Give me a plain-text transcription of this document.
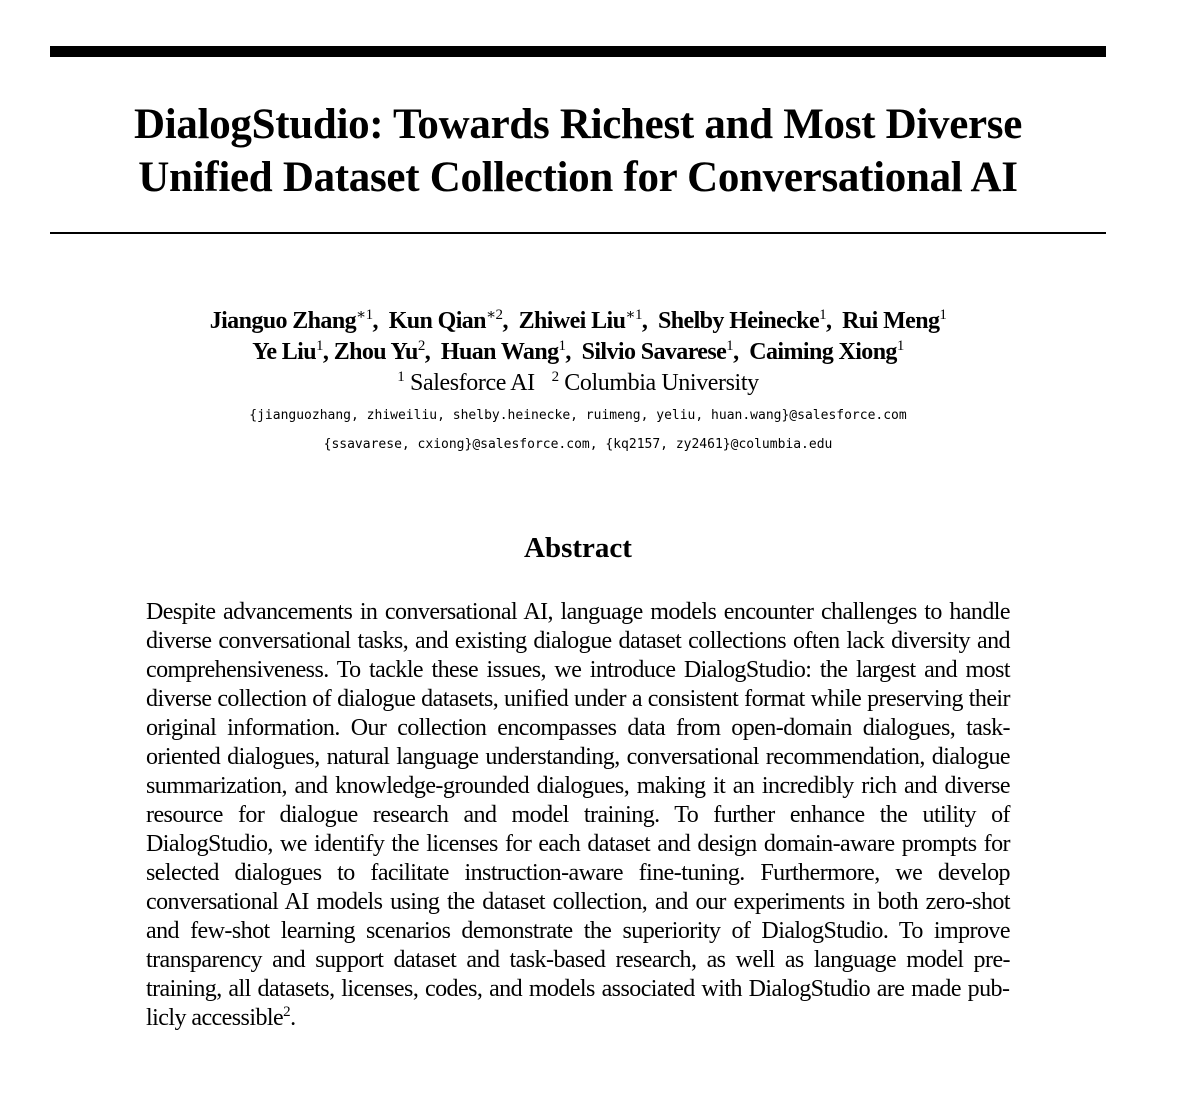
DialogStudio: Towards Richest and Most Diverse
Unified Dataset Collection for Conversational AI
Jianguo Zhang$^{∗1}$,  Kun Qian$^{∗2}$,  Zhiwei Liu$^{∗1}$,  Shelby Heinecke$^1$,  Rui Meng$^1$
Ye Liu$^1$, Zhou Yu$^2$,  Huan Wang$^1$,  Silvio Savarese$^1$,  Caiming Xiong$^1$
$^1$ Salesforce AI $^2$ Columbia University
{jianguozhang, zhiweiliu, shelby.heinecke, ruimeng, yeliu, huan.wang}@salesforce.com
{ssavarese, cxiong}@salesforce.com, {kq2157, zy2461}@columbia.edu
Abstract
Despite advancements in conversational AI, language models encounter challenges to handle diverse conversational tasks, and existing dialogue dataset collections often lack diversity and comprehensiveness. To tackle these issues, we introduce DialogStudio: the largest and most diverse collection of dialogue datasets, unified under a consistent format while preserving their original information. Our collection encompasses data from open-domain dialogues, task-oriented dialogues, natural language understanding, conversational recommendation, dialogue summarization, and knowledge-grounded dialogues, making it an incredibly rich and diverse resource for dialogue research and model training. To further enhance the utility of DialogStudio, we identify the licenses for each dataset and design domain-aware prompts for selected dialogues to facilitate instruction-aware fine-tuning. Furthermore, we develop conversational AI models using the dataset collection, and our experiments in both zero-shot and few-shot learning scenarios demonstrate the superiority of DialogStudio. To improve transparency and support dataset and task-based research, as well as language model pre-training, all datasets, licenses, codes, and models associated with DialogStudio are made publicly accessible$^2$.
